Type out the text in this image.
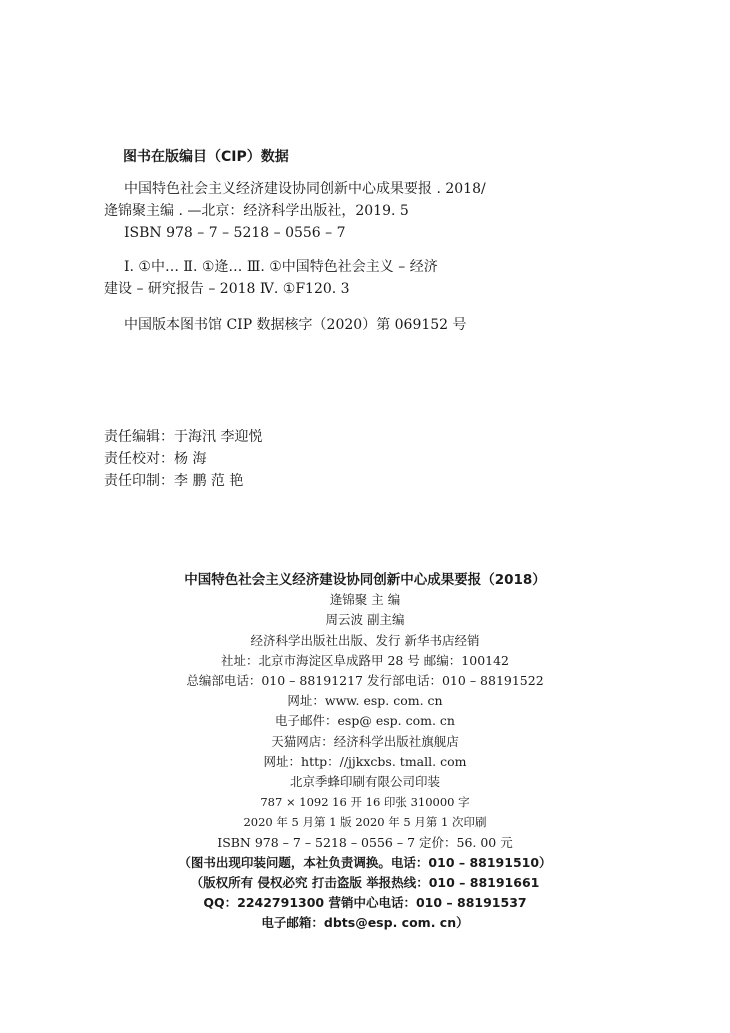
图书在版编目（CIP）数据
中国特色社会主义经济建设协同创新中心成果要报 . 2018/
逄锦聚主编 . —北京：经济科学出版社，2019. 5
ISBN 978 – 7 – 5218 – 0556 – 7
Ⅰ. ①中… Ⅱ. ①逄… Ⅲ. ①中国特色社会主义 – 经济
建设 – 研究报告 – 2018 Ⅳ. ①F120. 3
中国版本图书馆 CIP 数据核字（2020）第 069152 号
责任编辑：于海汛 李迎悦
责任校对：杨 海
责任印制：李 鹏 范 艳
中国特色社会主义经济建设协同创新中心成果要报（2018）
逄锦聚 主 编
周云波 副主编
经济科学出版社出版、发行 新华书店经销
社址：北京市海淀区阜成路甲 28 号 邮编：100142
总编部电话：010 – 88191217 发行部电话：010 – 88191522
网址：www. esp. com. cn
电子邮件：esp@ esp. com. cn
天猫网店：经济科学出版社旗舰店
网址：http：//jjkxcbs. tmall. com
北京季蜂印刷有限公司印装
787 × 1092 16 开 16 印张 310000 字
2020 年 5 月第 1 版 2020 年 5 月第 1 次印刷
ISBN 978 – 7 – 5218 – 0556 – 7 定价：56. 00 元
（图书出现印装问题，本社负责调换。电话：010 – 88191510）
（版权所有 侵权必究 打击盗版 举报热线：010 – 88191661
QQ：2242791300 营销中心电话：010 – 88191537
电子邮箱：dbts@esp. com. cn）
